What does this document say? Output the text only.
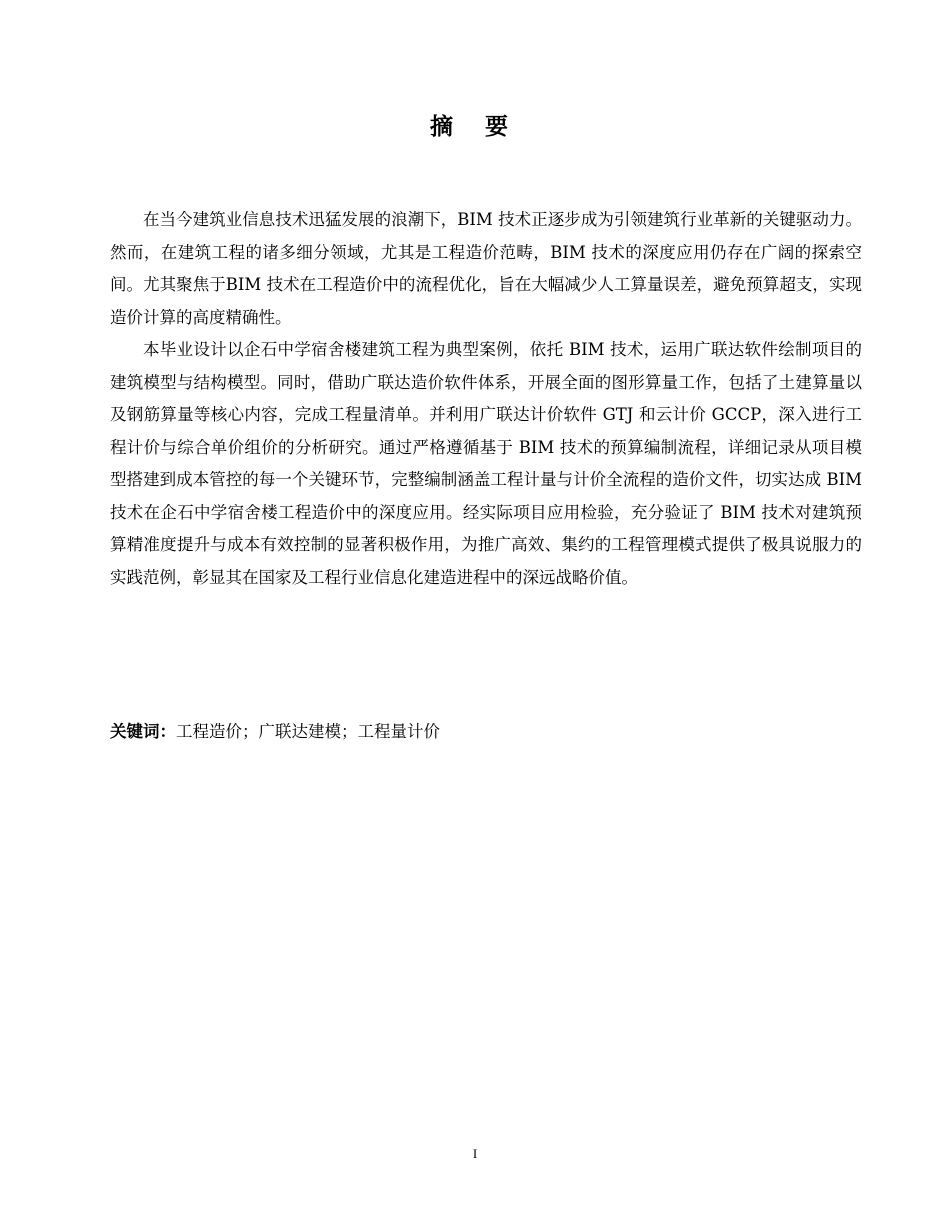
摘 要

在当今建筑业信息技术迅猛发展的浪潮下，BIM 技术正逐步成为引领建筑行业革新的关键驱动力。然而，在建筑工程的诸多细分领域，尤其是工程造价范畴，BIM 技术的深度应用仍存在广阔的探索空间。尤其聚焦于BIM 技术在工程造价中的流程优化，旨在大幅减少人工算量误差，避免预算超支，实现造价计算的高度精确性。

本毕业设计以企石中学宿舍楼建筑工程为典型案例，依托 BIM 技术，运用广联达软件绘制项目的建筑模型与结构模型。同时，借助广联达造价软件体系，开展全面的图形算量工作，包括了土建算量以及钢筋算量等核心内容，完成工程量清单。并利用广联达计价软件 GTJ 和云计价 GCCP，深入进行工程计价与综合单价组价的分析研究。通过严格遵循基于 BIM 技术的预算编制流程，详细记录从项目模型搭建到成本管控的每一个关键环节，完整编制涵盖工程计量与计价全流程的造价文件，切实达成 BIM 技术在企石中学宿舍楼工程造价中的深度应用。经实际项目应用检验，充分验证了 BIM 技术对建筑预算精准度提升与成本有效控制的显著积极作用，为推广高效、集约的工程管理模式提供了极具说服力的实践范例，彰显其在国家及工程行业信息化建造进程中的深远战略价值。

关键词：工程造价；广联达建模；工程量计价
I
